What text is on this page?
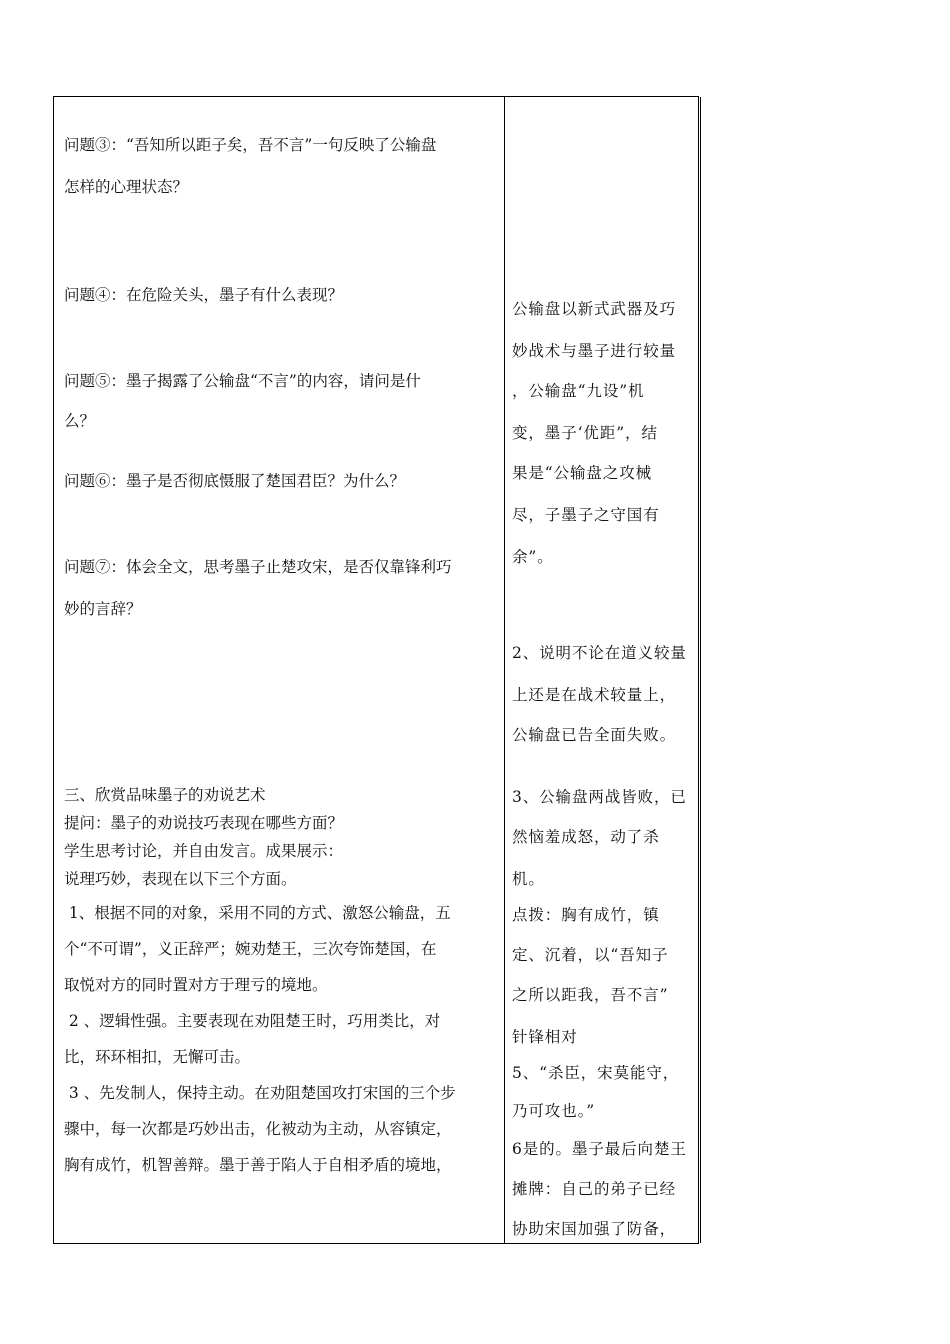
问题③：“吾知所以距子矣，吾不言”一句反映了公输盘
怎样的心理状态？
问题④：在危险关头，墨子有什么表现？
问题⑤：墨子揭露了公输盘“不言”的内容，请问是什
么？
问题⑥：墨子是否彻底慑服了楚国君臣？为什么？
问题⑦：体会全文，思考墨子止楚攻宋，是否仅靠锋利巧
妙的言辞？
三、欣赏品味墨子的劝说艺术
提问：墨子的劝说技巧表现在哪些方面？
学生思考讨论，并自由发言。成果展示：
说理巧妙，表现在以下三个方面。
1、根据不同的对象，采用不同的方式、激怒公输盘，五
个“不可谓”，义正辞严；婉劝楚王，三次夸饰楚国，在
取悦对方的同时置对方于理亏的境地。
2 、逻辑性强。主要表现在劝阻楚王时，巧用类比，对
比，环环相扣，无懈可击。
3 、先发制人，保持主动。在劝阻楚国攻打宋国的三个步
骤中，每一次都是巧妙出击，化被动为主动，从容镇定，
胸有成竹，机智善辩。墨于善于陷人于自相矛盾的境地，
公输盘以新式武器及巧
妙战术与墨子进行较量
，公输盘“九设”机
变，墨子‘优距”，结
果是“公输盘之攻械
尽，子墨子之守国有
余”。
2、说明不论在道义较量
上还是在战术较量上，
公输盘已告全面失败。
3、公输盘两战皆败，已
然恼羞成怒，动了杀
机。
点拨：胸有成竹，镇
定、沉着，以“吾知子
之所以距我，吾不言”
针锋相对
5、“杀臣，宋莫能守，
乃可攻也。”
6是的。墨子最后向楚王
摊牌：自己的弟子已经
协助宋国加强了防备，
